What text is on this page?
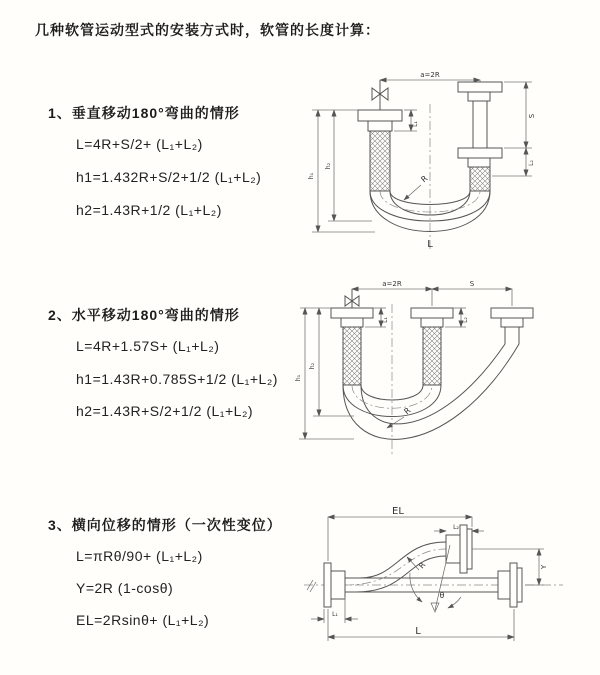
几种软管运动型式的安装方式时，软管的长度计算：
1、垂直移动180°弯曲的情形
L=4R+S/2+ (L₁+L₂)
h1=1.432R+S/2+1/2 (L₁+L₂)
h2=1.43R+1/2 (L₁+L₂)
a=2R
L₁
S
L₂
R
h₂
h₁
L
2、水平移动180°弯曲的情形
L=4R+1.57S+ (L₁+L₂)
h1=1.43R+0.785S+1/2 (L₁+L₂)
h2=1.43R+S/2+1/2 (L₁+L₂)
a=2R	S
L₁	L₂
R
h₂
h₁
3、横向位移的情形（一次性变位）
L=πRθ/90+ (L₁+L₂)
Y=2R (1-cosθ)
EL=2Rsinθ+ (L₁+L₂)
EL
L₂
Y
R
θ
L
L₁
